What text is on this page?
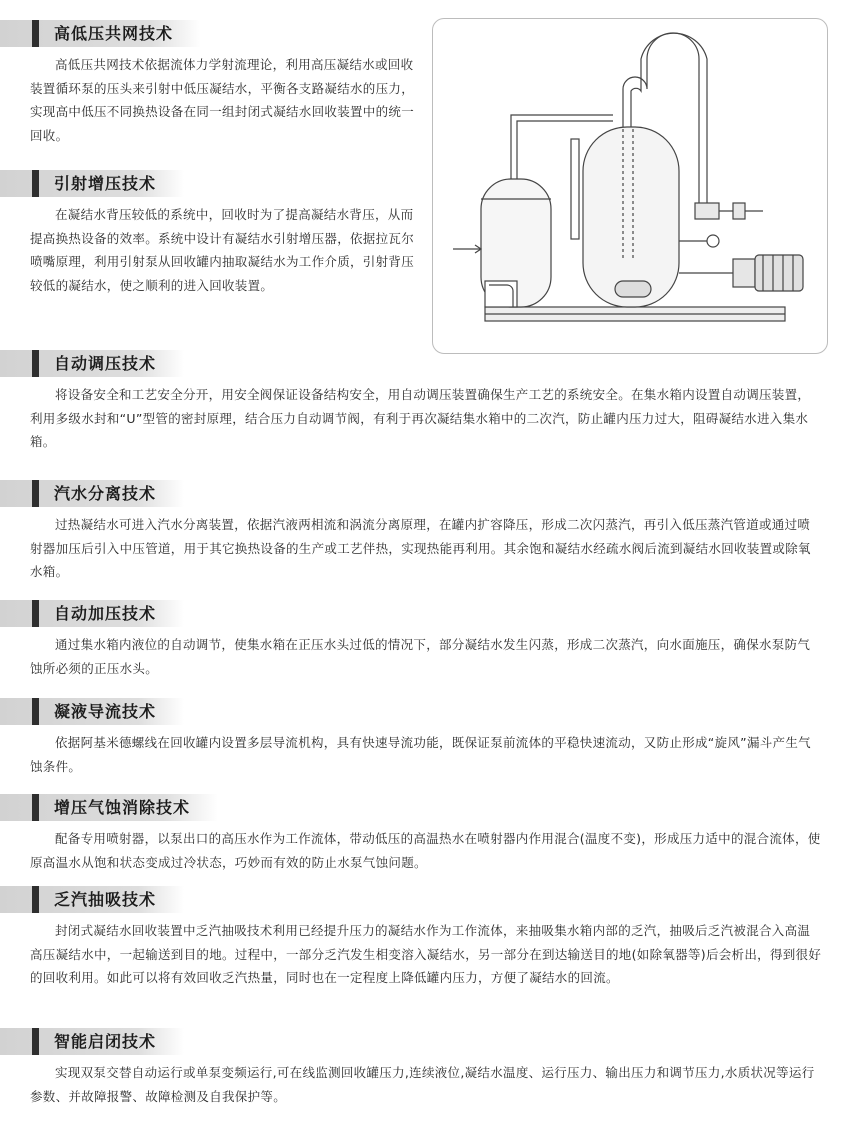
高低压共网技术
高低压共网技术依据流体力学射流理论，利用高压凝结水或回收装置循环泵的压头来引射中低压凝结水，平衡各支路凝结水的压力，实现高中低压不同换热设备在同一组封闭式凝结水回收装置中的统一回收。
引射增压技术
在凝结水背压较低的系统中，回收时为了提高凝结水背压，从而提高换热设备的效率。系统中设计有凝结水引射增压器，依据拉瓦尔喷嘴原理，利用引射泵从回收罐内抽取凝结水为工作介质，引射背压较低的凝结水，使之顺利的进入回收装置。
自动调压技术
将设备安全和工艺安全分开，用安全阀保证设备结构安全，用自动调压装置确保生产工艺的系统安全。在集水箱内设置自动调压装置，利用多级水封和“U”型管的密封原理，结合压力自动调节阀，有利于再次凝结集水箱中的二次汽，防止罐内压力过大，阻碍凝结水进入集水箱。
汽水分离技术
过热凝结水可进入汽水分离装置，依据汽液两相流和涡流分离原理，在罐内扩容降压，形成二次闪蒸汽，再引入低压蒸汽管道或通过喷射器加压后引入中压管道，用于其它换热设备的生产或工艺伴热，实现热能再利用。其余饱和凝结水经疏水阀后流到凝结水回收装置或除氧水箱。
自动加压技术
通过集水箱内液位的自动调节，使集水箱在正压水头过低的情况下，部分凝结水发生闪蒸，形成二次蒸汽，向水面施压，确保水泵防气蚀所必须的正压水头。
凝液导流技术
依据阿基米德螺线在回收罐内设置多层导流机构，具有快速导流功能，既保证泵前流体的平稳快速流动，又防止形成“旋风”漏斗产生气蚀条件。
增压气蚀消除技术
配备专用喷射器，以泵出口的高压水作为工作流体，带动低压的高温热水在喷射器内作用混合(温度不变)，形成压力适中的混合流体，使原高温水从饱和状态变成过冷状态，巧妙而有效的防止水泵气蚀问题。
乏汽抽吸技术
封闭式凝结水回收装置中乏汽抽吸技术利用已经提升压力的凝结水作为工作流体，来抽吸集水箱内部的乏汽，抽吸后乏汽被混合入高温高压凝结水中，一起输送到目的地。过程中，一部分乏汽发生相变溶入凝结水，另一部分在到达输送目的地(如除氧器等)后会析出，得到很好的回收利用。如此可以将有效回收乏汽热量，同时也在一定程度上降低罐内压力，方便了凝结水的回流。
智能启闭技术
实现双泵交替自动运行或单泵变频运行,可在线监测回收罐压力,连续液位,凝结水温度、运行压力、输出压力和调节压力,水质状况等运行参数、并故障报警、故障检测及自我保护等。
